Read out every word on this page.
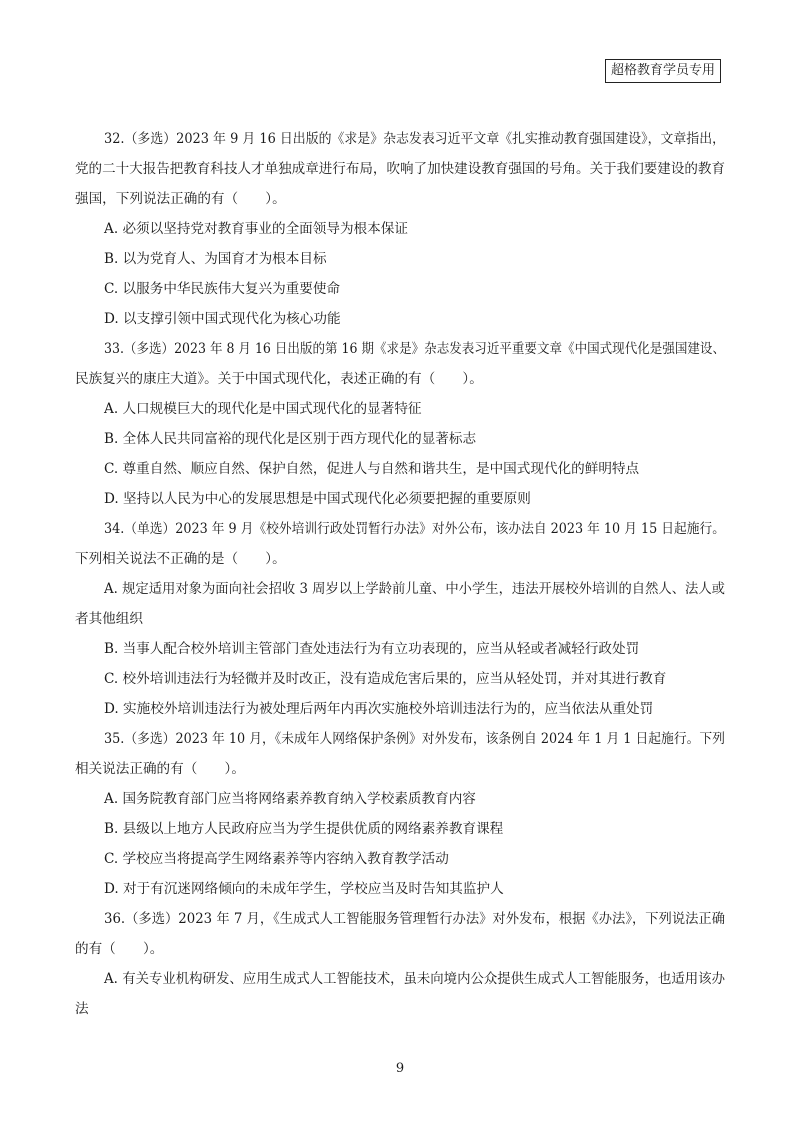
超格教育学员专用
32.（多选）2023 年 9 月 16 日出版的《求是》杂志发表习近平文章《扎实推动教育强国建设》，文章指出，
党的二十大报告把教育科技人才单独成章进行布局，吹响了加快建设教育强国的号角。关于我们要建设的教育
强国，下列说法正确的有（　　）。
A. 必须以坚持党对教育事业的全面领导为根本保证
B. 以为党育人、为国育才为根本目标
C. 以服务中华民族伟大复兴为重要使命
D. 以支撑引领中国式现代化为核心功能
33.（多选）2023 年 8 月 16 日出版的第 16 期《求是》杂志发表习近平重要文章《中国式现代化是强国建设、
民族复兴的康庄大道》。关于中国式现代化，表述正确的有（　　）。
A. 人口规模巨大的现代化是中国式现代化的显著特征
B. 全体人民共同富裕的现代化是区别于西方现代化的显著标志
C. 尊重自然、顺应自然、保护自然，促进人与自然和谐共生，是中国式现代化的鲜明特点
D. 坚持以人民为中心的发展思想是中国式现代化必须要把握的重要原则
34.（单选）2023 年 9 月《校外培训行政处罚暂行办法》对外公布，该办法自 2023 年 10 月 15 日起施行。
下列相关说法不正确的是（　　）。
A. 规定适用对象为面向社会招收 3 周岁以上学龄前儿童、中小学生，违法开展校外培训的自然人、法人或
者其他组织
B. 当事人配合校外培训主管部门查处违法行为有立功表现的，应当从轻或者减轻行政处罚
C. 校外培训违法行为轻微并及时改正，没有造成危害后果的，应当从轻处罚，并对其进行教育
D. 实施校外培训违法行为被处理后两年内再次实施校外培训违法行为的，应当依法从重处罚
35.（多选）2023 年 10 月，《未成年人网络保护条例》对外发布，该条例自 2024 年 1 月 1 日起施行。下列
相关说法正确的有（　　）。
A. 国务院教育部门应当将网络素养教育纳入学校素质教育内容
B. 县级以上地方人民政府应当为学生提供优质的网络素养教育课程
C. 学校应当将提高学生网络素养等内容纳入教育教学活动
D. 对于有沉迷网络倾向的未成年学生，学校应当及时告知其监护人
36.（多选）2023 年 7 月，《生成式人工智能服务管理暂行办法》对外发布，根据《办法》，下列说法正确
的有（　　）。
A. 有关专业机构研发、应用生成式人工智能技术，虽未向境内公众提供生成式人工智能服务，也适用该办
法
9
